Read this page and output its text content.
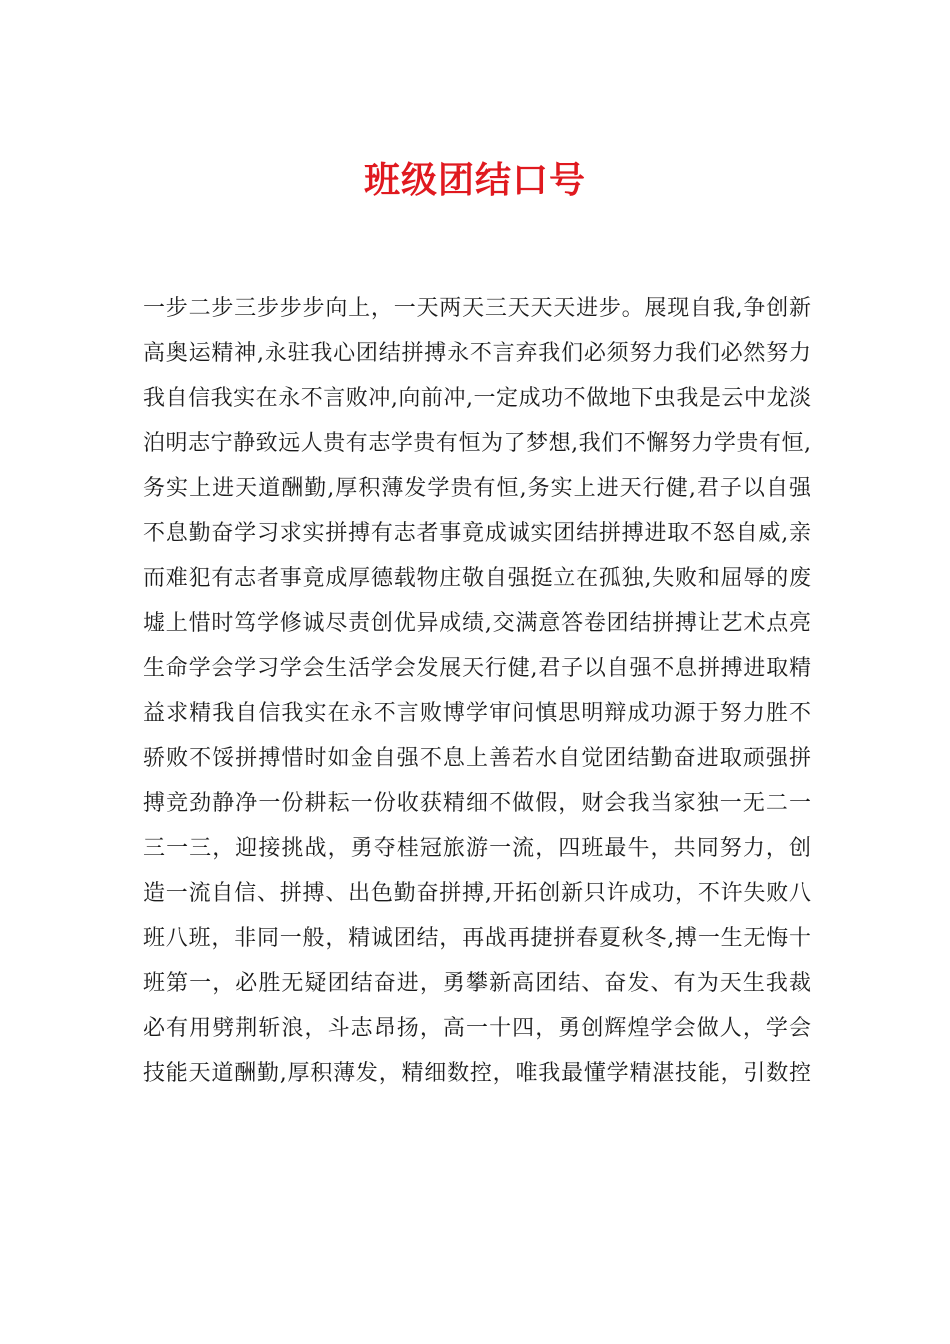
班级团结口号
一步二步三步步步向上，一天两天三天天天进步。展现自我,争创新
高奥运精神,永驻我心团结拼搏永不言弃我们必须努力我们必然努力
我自信我实在永不言败冲,向前冲,一定成功不做地下虫我是云中龙淡
泊明志宁静致远人贵有志学贵有恒为了梦想,我们不懈努力学贵有恒,
务实上进天道酬勤,厚积薄发学贵有恒,务实上进天行健,君子以自强
不息勤奋学习求实拼搏有志者事竟成诚实团结拼搏进取不怒自威,亲
而难犯有志者事竟成厚德载物庄敬自强挺立在孤独,失败和屈辱的废
墟上惜时笃学修诚尽责创优异成绩,交满意答卷团结拼搏让艺术点亮
生命学会学习学会生活学会发展天行健,君子以自强不息拼搏进取精
益求精我自信我实在永不言败博学审问慎思明辩成功源于努力胜不
骄败不馁拼搏惜时如金自强不息上善若水自觉团结勤奋进取顽强拼
搏竞劲静净一份耕耘一份收获精细不做假，财会我当家独一无二一
三一三，迎接挑战，勇夺桂冠旅游一流，四班最牛，共同努力，创
造一流自信、拼搏、出色勤奋拼搏,开拓创新只许成功，不许失败八
班八班，非同一般，精诚团结，再战再捷拼春夏秋冬,搏一生无悔十
班第一，必胜无疑团结奋进，勇攀新高团结、奋发、有为天生我裁
必有用劈荆斩浪，斗志昂扬，高一十四，勇创辉煌学会做人，学会
技能天道酬勤,厚积薄发，精细数控，唯我最懂学精湛技能，引数控
